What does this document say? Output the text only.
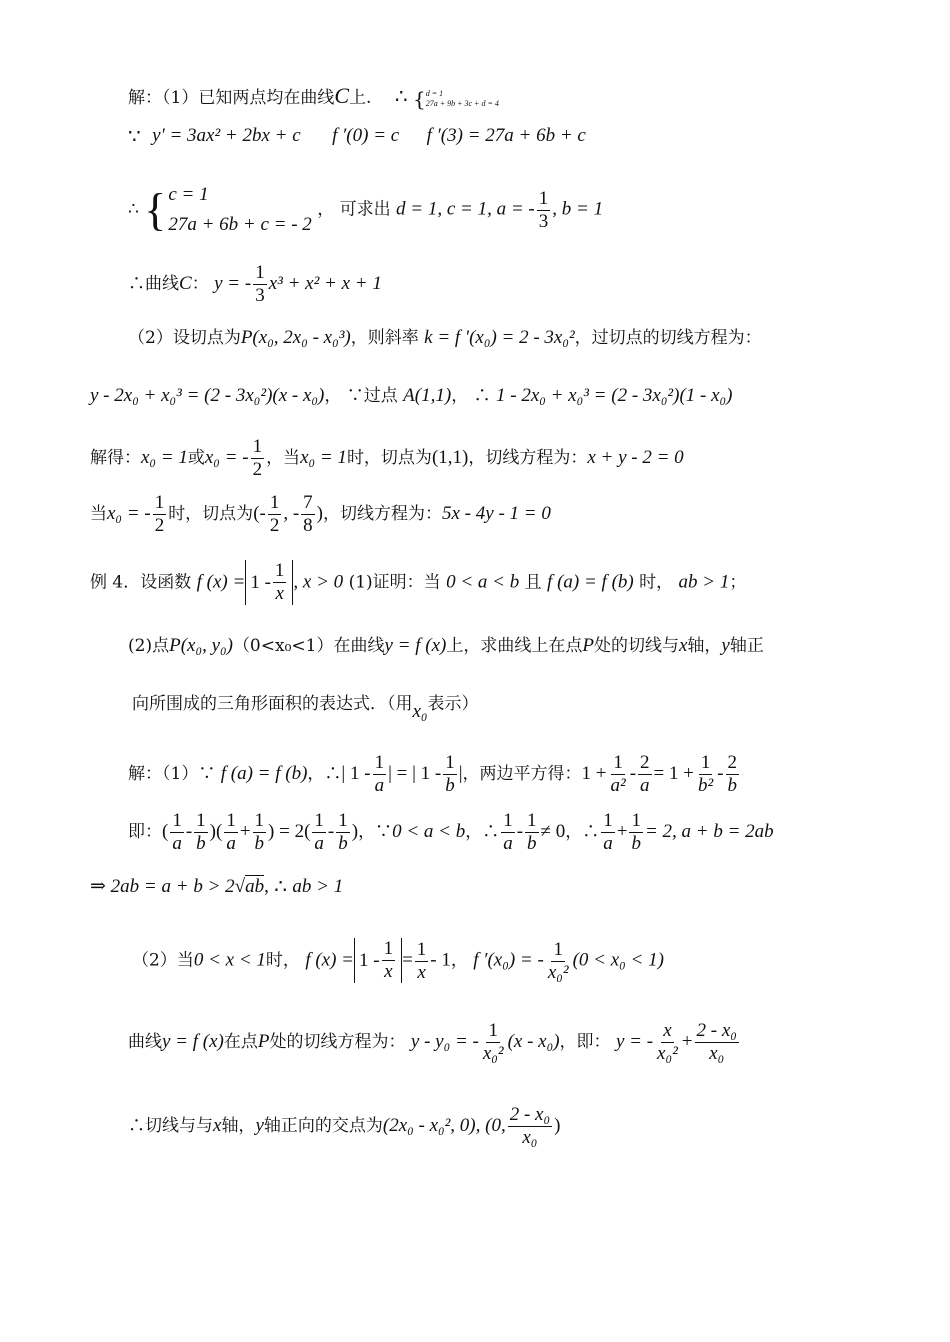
解：（1）已知两点均在曲线C上. ∴ { d = 1
27a + 9b + 3c + d = 4
∵ y′ = 3ax² + 2bx + c f ′(0) = c f ′(3) = 27a + 6b + c
∴ { c = 1
27a + 6b + c = - 2
， 可求出 d = 1, c = 1, a = - $\frac{1}{3}$ , b = 1
∴曲线C： y = - $\frac{1}{3} x^3 + x^2 + x + 1$
（2）设切点为P(x₀, 2x₀ - x₀³)，则斜率 k = f ′(x₀) = 2 - 3x₀²，过切点的切线方程为：
y - 2x₀ + x₀³ = (2 - 3x₀²)(x - x₀)， ∵过点 A(1,1)， ∴ 1 - 2x₀ + x₀³ = (2 - 3x₀²)(1 - x₀)
解得：x₀ = 1或x₀ = - $\frac{1}{2}$ ，当x₀ = 1时，切点为(1,1)，切线方程为：x + y - 2 = 0
当x₀ = - $\frac{1}{2}$ 时，切点为(- $\frac{1}{2}$ , - $\frac{7}{8}$ )，切线方程为：5x - 4y - 1 = 0
例 4．设函数 f $(x) = 1 - \frac{1}{x}$ , x > 0 (1)证明：当 0 < a < b 且 f (a) = f (b) 时， ab > 1；
(2)点P(x₀, y₀)（0<x₀<1）在曲线y = f (x)上，求曲线上在点P处的切线与x轴，y轴正
向所围成的三角形面积的表达式．（用x₀表示）
解：（1）∵ f (a) = f (b)，∴| $1 - \frac{1}{a}$ | = | $1 - \frac{1}{b}$ |，两边平方得：$1 + \frac{1}{\text{a²}} - \frac{2}{a} = 1 + \frac{1}{\text{b²}} - \frac{2}{b}$
即：( $\frac{1}{a} - \frac{1}{b}$ )( $\frac{1}{a} + \frac{1}{b}$ ) = $2( \frac{1}{a} - \frac{1}{b}$ )，∵0 < a < b，∴ $\frac{1}{a} - \frac{1}{b} \ne 0$，∴ $\frac{1}{a} + \frac{1}{b} = 2$, a + b = 2ab
⇒ 2ab = a + b > 2√ab, ∴ ab > 1
（2）当0 < x < 1时， f $(x) = 1 - \frac{1}{x} = \frac{1}{x} - 1$， f ′(x₀) = - $\frac{1}{\text{x₀²}} (0 < x_0 < 1)$
曲线y = f (x)在点P处的切线方程为： y - y₀ = - $\frac{1}{\text{x₀²}} (x - x_0)$，即： y = - $\frac{x}{\text{x₀²}} + \frac{\text{2 - x₀}}{\text{x₀}}$
∴切线与与x轴，y轴正向的交点为(2x₀ - x₀², 0), (0, $\frac{\text{2 - x₀}}{\text{x₀}}$ )
